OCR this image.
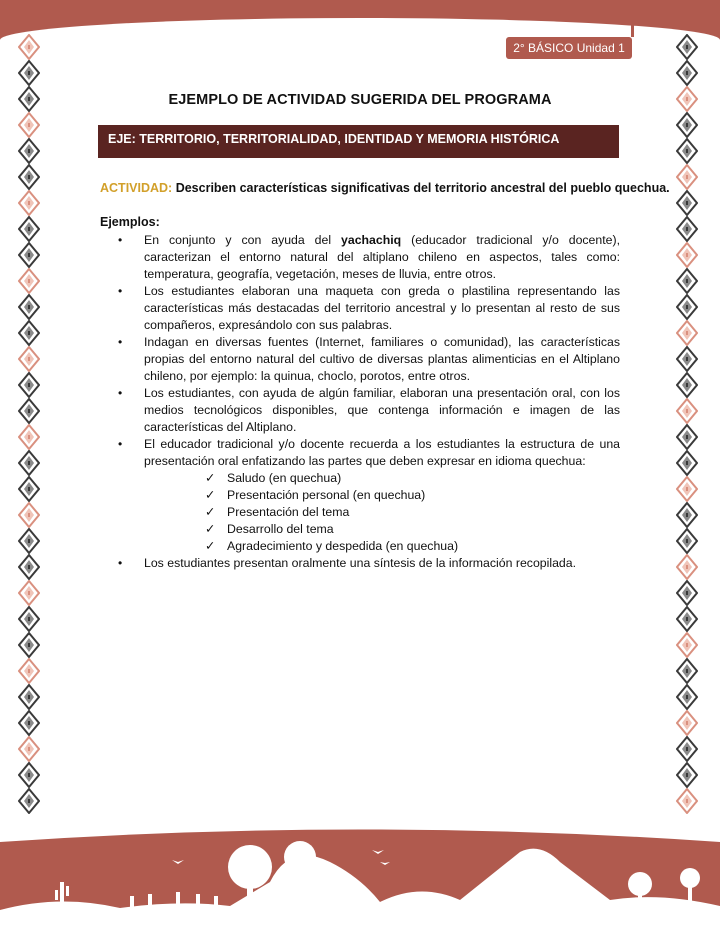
2° BÁSICO Unidad 1
EJEMPLO DE ACTIVIDAD SUGERIDA DEL PROGRAMA
EJE: TERRITORIO, TERRITORIALIDAD, IDENTIDAD Y MEMORIA HISTÓRICA
ACTIVIDAD: Describen características significativas del territorio ancestral del pueblo quechua.
Ejemplos:
• En conjunto y con ayuda del yachachiq (educador tradicional y/o docente), caracterizan el entorno natural del altiplano chileno en aspectos, tales como: temperatura, geografía, vegetación, meses de lluvia, entre otros.
• Los estudiantes elaboran una maqueta con greda o plastilina representando las características más destacadas del territorio ancestral y lo presentan al resto de sus compañeros, expresándolo con sus palabras.
• Indagan en diversas fuentes (Internet, familiares o comunidad), las características propias del entorno natural del cultivo de diversas plantas alimenticias en el Altiplano chileno, por ejemplo: la quinua, choclo, porotos, entre otros.
• Los estudiantes, con ayuda de algún familiar, elaboran una presentación oral, con los medios tecnológicos disponibles, que contenga información e imagen de las características del Altiplano.
• El educador tradicional y/o docente recuerda a los estudiantes la estructura de una presentación oral enfatizando las partes que deben expresar en idioma quechua:
✓ Saludo (en quechua)
✓ Presentación personal (en quechua)
✓ Presentación del tema
✓ Desarrollo del tema
✓ Agradecimiento y despedida (en quechua)
• Los estudiantes presentan oralmente una síntesis de la información recopilada.
